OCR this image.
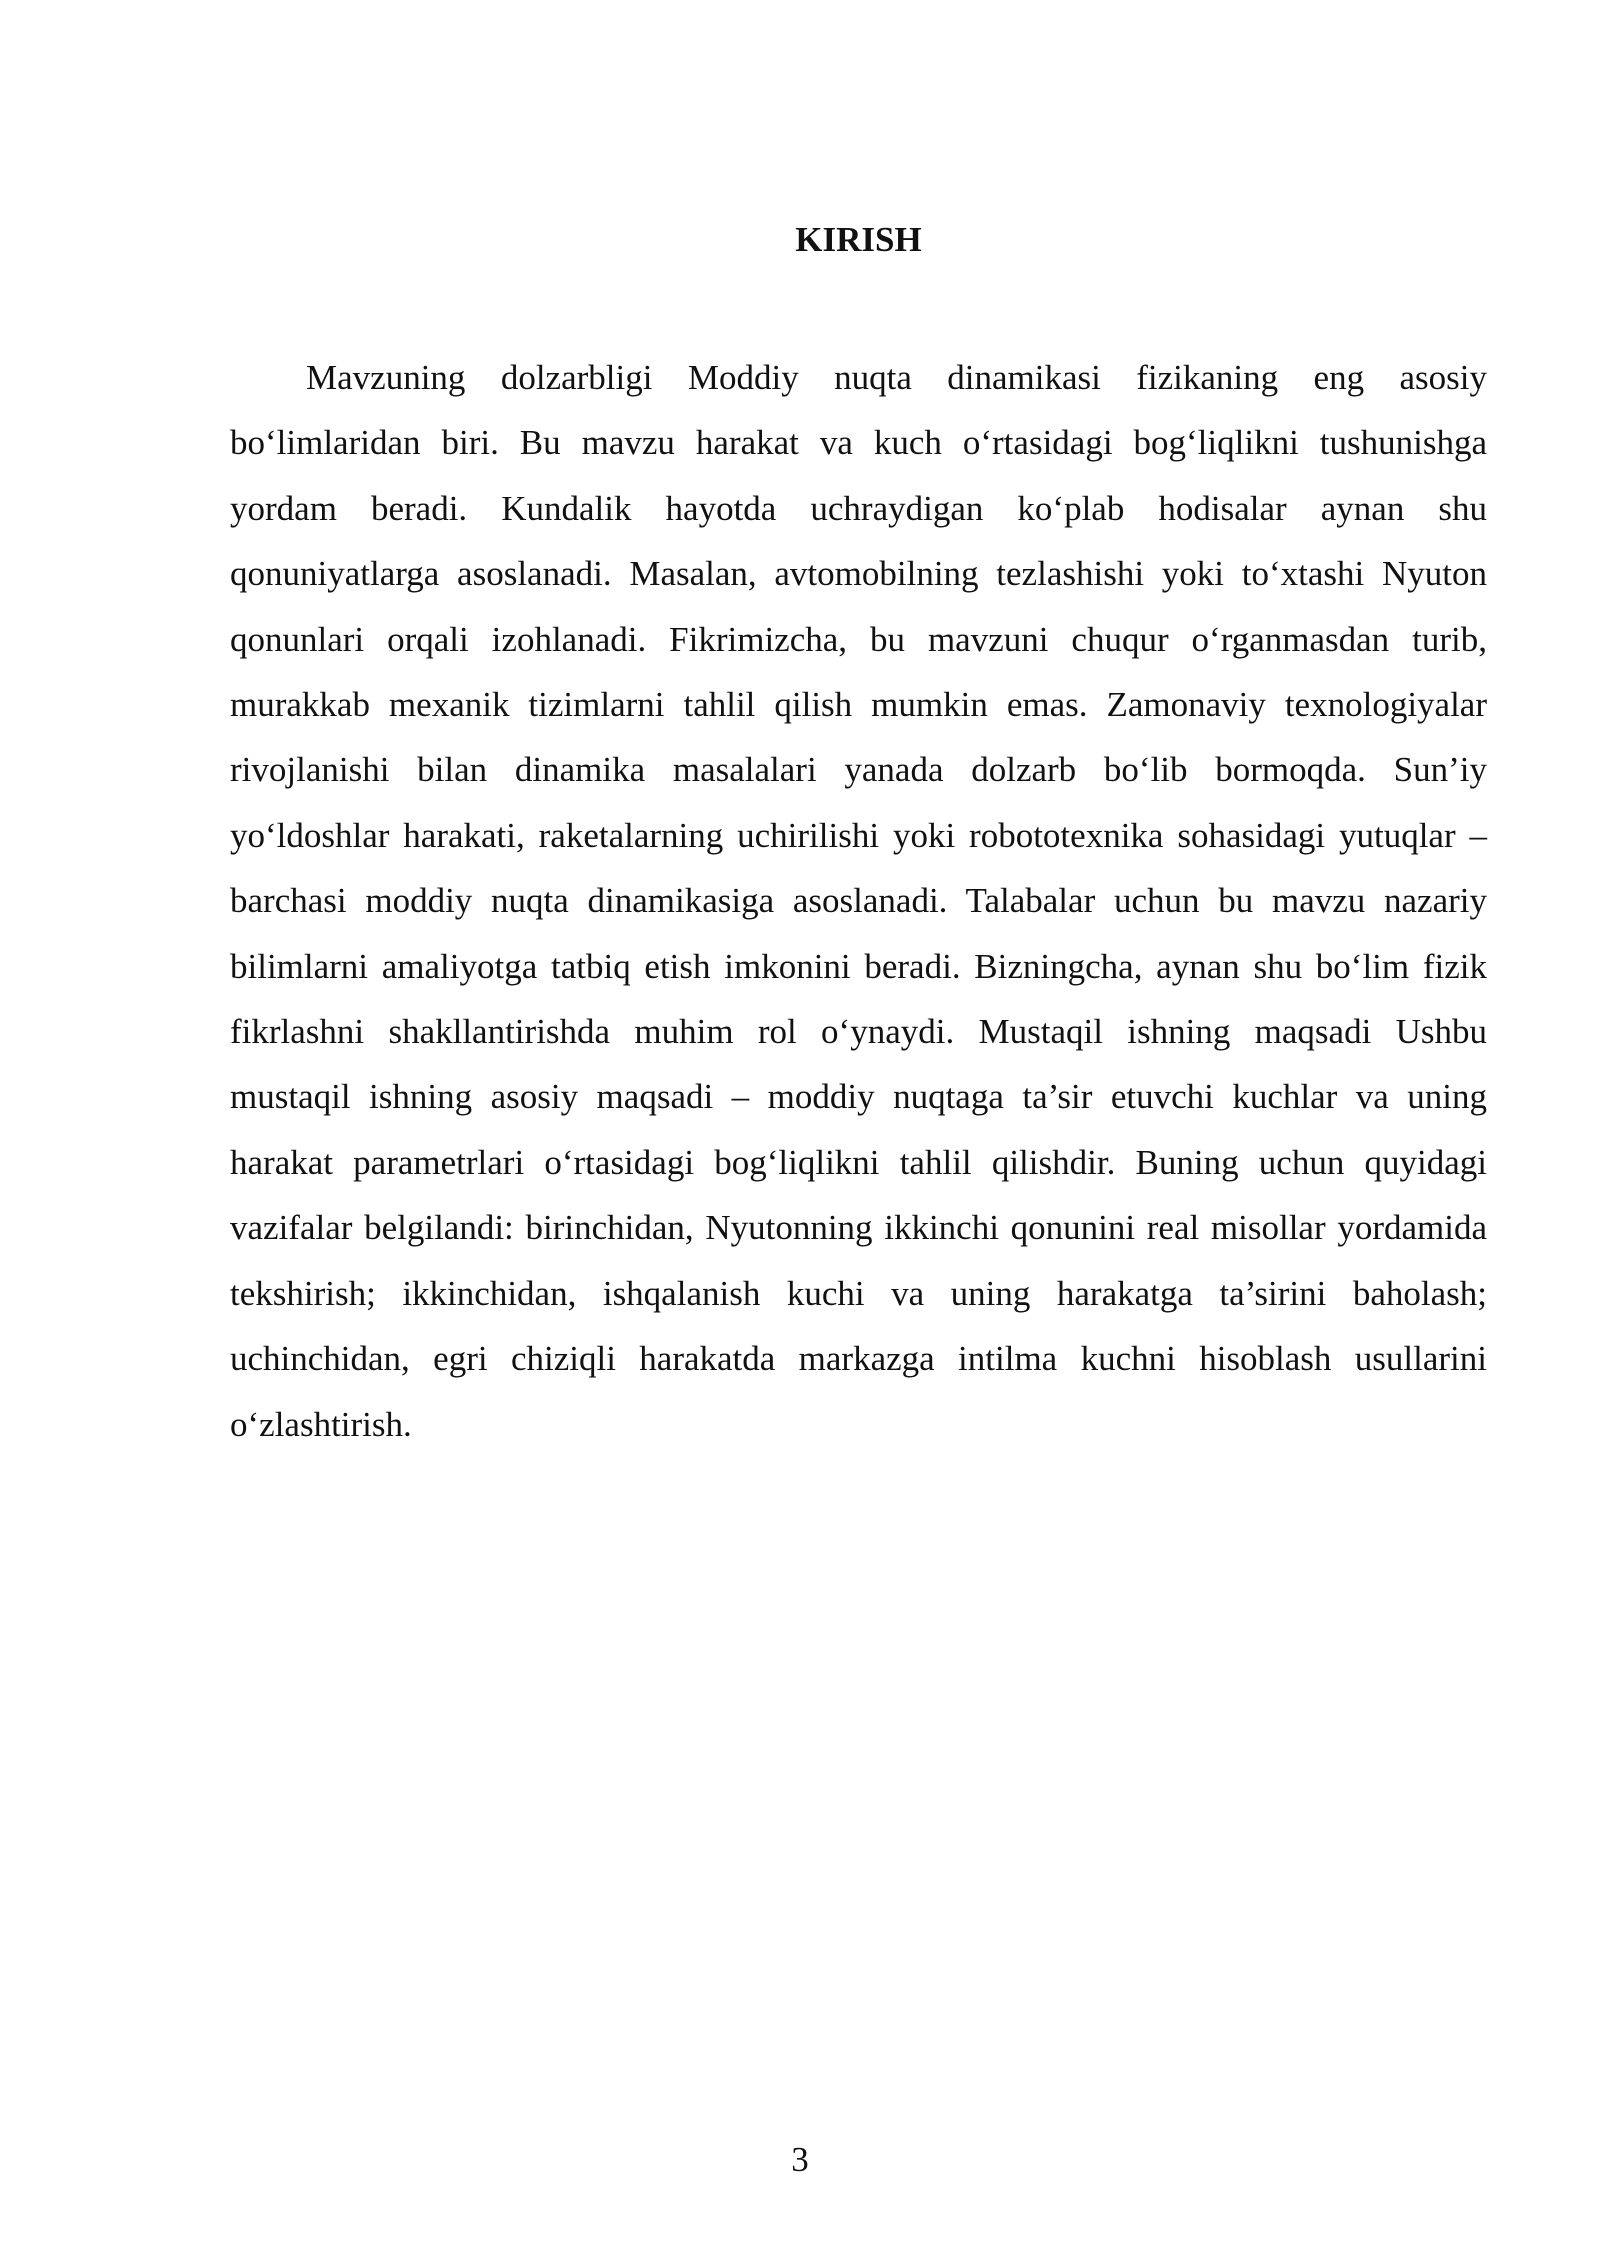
KIRISH

Mavzuning dolzarbligi Moddiy nuqta dinamikasi fizikaning eng asosiy bo‘limlaridan biri. Bu mavzu harakat va kuch o‘rtasidagi bog‘liqlikni tushunishga yordam beradi. Kundalik hayotda uchraydigan ko‘plab hodisalar aynan shu qonuniyatlarga asoslanadi. Masalan, avtomobilning tezlashishi yoki to‘xtashi Nyuton qonunlari orqali izohlanadi. Fikrimizcha, bu mavzuni chuqur o‘rganmasdan turib, murakkab mexanik tizimlarni tahlil qilish mumkin emas. Zamonaviy texnologiyalar rivojlanishi bilan dinamika masalalari yanada dolzarb bo‘lib bormoqda. Sun’iy yo‘ldoshlar harakati, raketalarning uchirilishi yoki robototexnika sohasidagi yutuqlar – barchasi moddiy nuqta dinamikasiga asoslanadi. Talabalar uchun bu mavzu nazariy bilimlarni amaliyotga tatbiq etish imkonini beradi. Bizningcha, aynan shu bo‘lim fizik fikrlashni shakllantirishda muhim rol o‘ynaydi. Mustaqil ishning maqsadi Ushbu mustaqil ishning asosiy maqsadi – moddiy nuqtaga ta’sir etuvchi kuchlar va uning harakat parametrlari o‘rtasidagi bog‘liqlikni tahlil qilishdir. Buning uchun quyidagi vazifalar belgilandi: birinchidan, Nyutonning ikkinchi qonunini real misollar yordamida tekshirish; ikkinchidan, ishqalanish kuchi va uning harakatga ta’sirini baholash; uchinchidan, egri chiziqli harakatda markazga intilma kuchni hisoblash usullarini o‘zlashtirish.

3
